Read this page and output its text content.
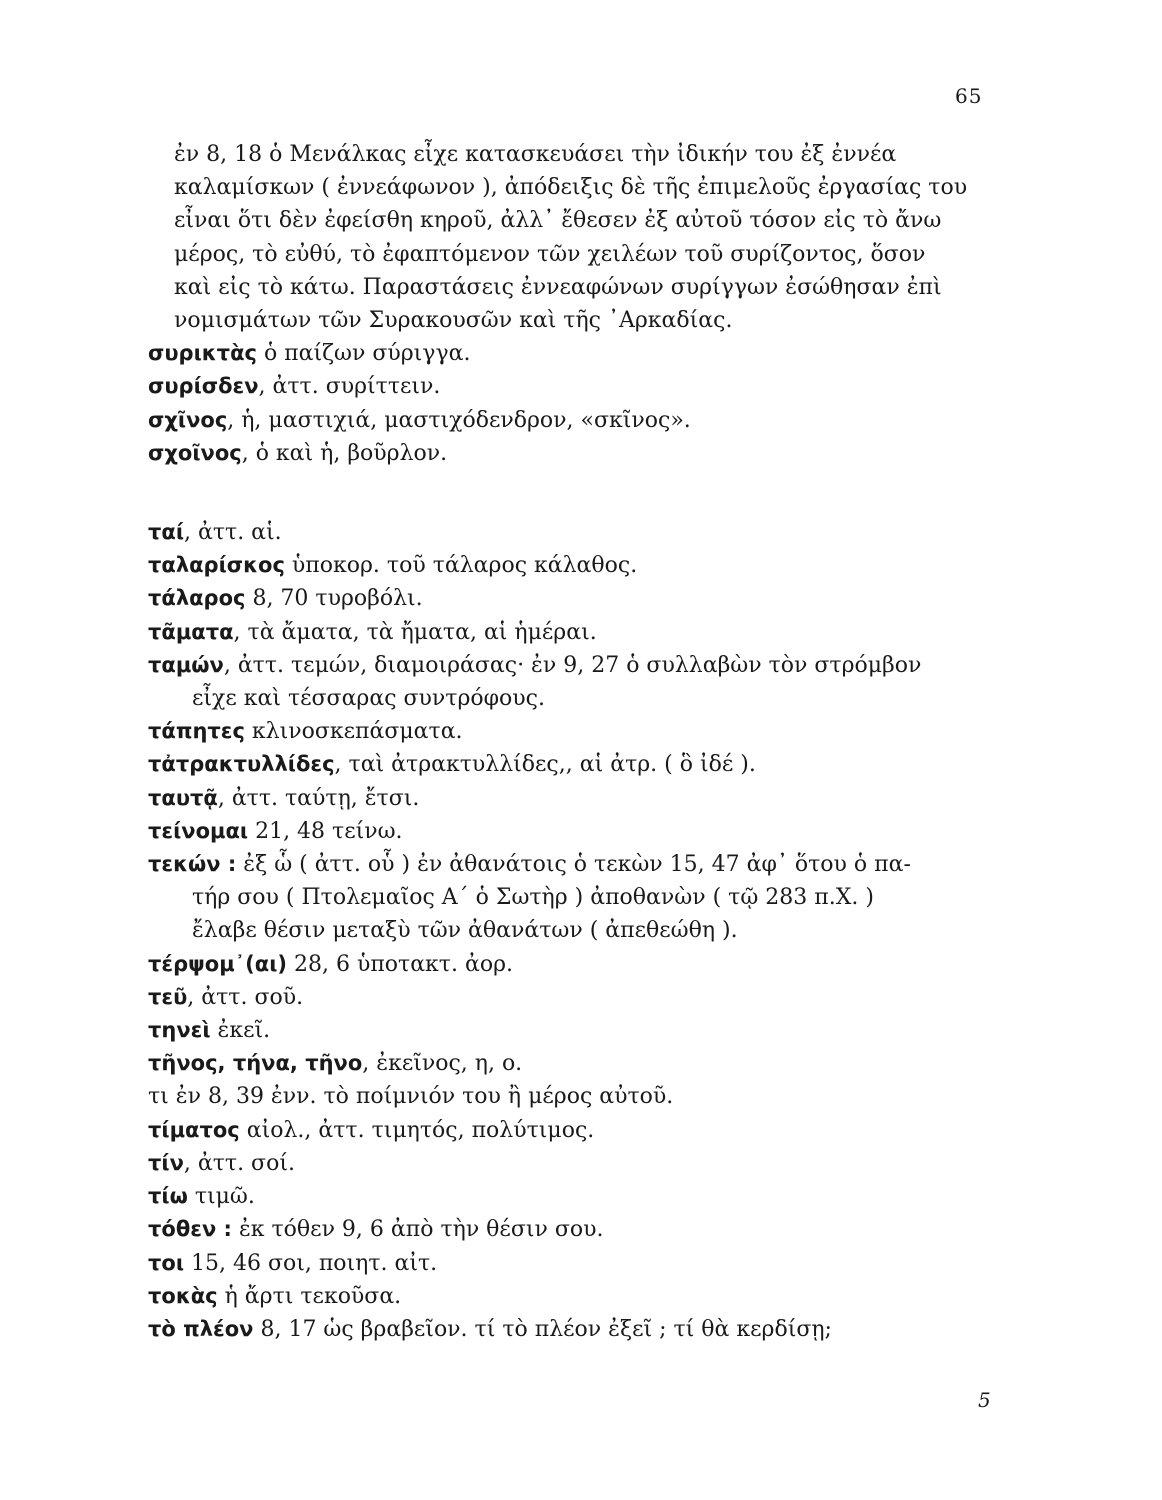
65
ἐν 8, 18 ὁ Μενάλκας εἶχε κατασκευάσει τὴν ἰδικήν του ἐξ ἐννέα
καλαμίσκων ( ἐννεάφωνον ), ἀπόδειξις δὲ τῆς ἐπιμελοῦς ἐργασίας του
εἶναι ὅτι δὲν ἐφείσθη κηροῦ, ἀλλ᾽ ἔθεσεν ἐξ αὐτοῦ τόσον εἰς τὸ ἄνω
μέρος, τὸ εὐθύ, τὸ ἐφαπτόμενον τῶν χειλέων τοῦ συρίζοντος, ὅσον
καὶ εἰς τὸ κάτω. Παραστάσεις ἐννεαφώνων συρίγγων ἐσώθησαν ἐπὶ
νομισμάτων τῶν Συρακουσῶν καὶ τῆς ᾿Αρκαδίας.
συρικτὰς ὁ παίζων σύριγγα.
συρίσδεν, ἀττ. συρίττειν.
σχῖνος, ἡ, μαστιχιά, μαστιχόδενδρον, «σκῖνος».
σχοῖνος, ὁ καὶ ἡ, βοῦρλον.
ταί, ἀττ. αἱ.
ταλαρίσκος ὑποκορ. τοῦ τάλαρος κάλαθος.
τάλαρος 8, 70 τυροβόλι.
τᾶματα, τὰ ἄματα, τὰ ἤματα, αἱ ἡμέραι.
ταμών, ἀττ. τεμών, διαμοιράσας· ἐν 9, 27 ὁ συλλαβὼν τὸν στρόμβον
εἶχε καὶ τέσσαρας συντρόφους.
τάπητες κλινοσκεπάσματα.
τἀτρακτυλλίδες, ταὶ ἀτρακτυλλίδες,, αἱ ἀτρ. ( ὃ ἰδέ ).
ταυτᾷ, ἀττ. ταύτῃ, ἔτσι.
τείνομαι 21, 48 τείνω.
τεκών : ἐξ ὧ ( ἀττ. οὗ ) ἐν ἀθανάτοις ὁ τεκὼν 15, 47 ἀφ᾽ ὅτου ὁ πα-
τήρ σου ( Πτολεμαῖος Α΄ ὁ Σωτὴρ ) ἀποθανὼν ( τῷ 283 π.Χ. )
ἔλαβε θέσιν μεταξὺ τῶν ἀθανάτων ( ἀπεθεώθη ).
τέρψομ᾽(αι) 28, 6 ὑποτακτ. ἀορ.
τεῦ, ἀττ. σοῦ.
τηνεὶ ἐκεῖ.
τῆνος, τήνα, τῆνο, ἐκεῖνος, η, ο.
τι ἐν 8, 39 ἐνν. τὸ ποίμνιόν του ἢ μέρος αὐτοῦ.
τίματος αἰολ., ἀττ. τιμητός, πολύτιμος.
τίν, ἀττ. σοί.
τίω τιμῶ.
τόθεν : ἐκ τόθεν 9, 6 ἀπὸ τὴν θέσιν σου.
τοι 15, 46 σοι, ποιητ. αἰτ.
τοκὰς ἡ ἄρτι τεκοῦσα.
τὸ πλέον 8, 17 ὡς βραβεῖον. τί τὸ πλέον ἐξεῖ ; τί θὰ κερδίσῃ;
5
